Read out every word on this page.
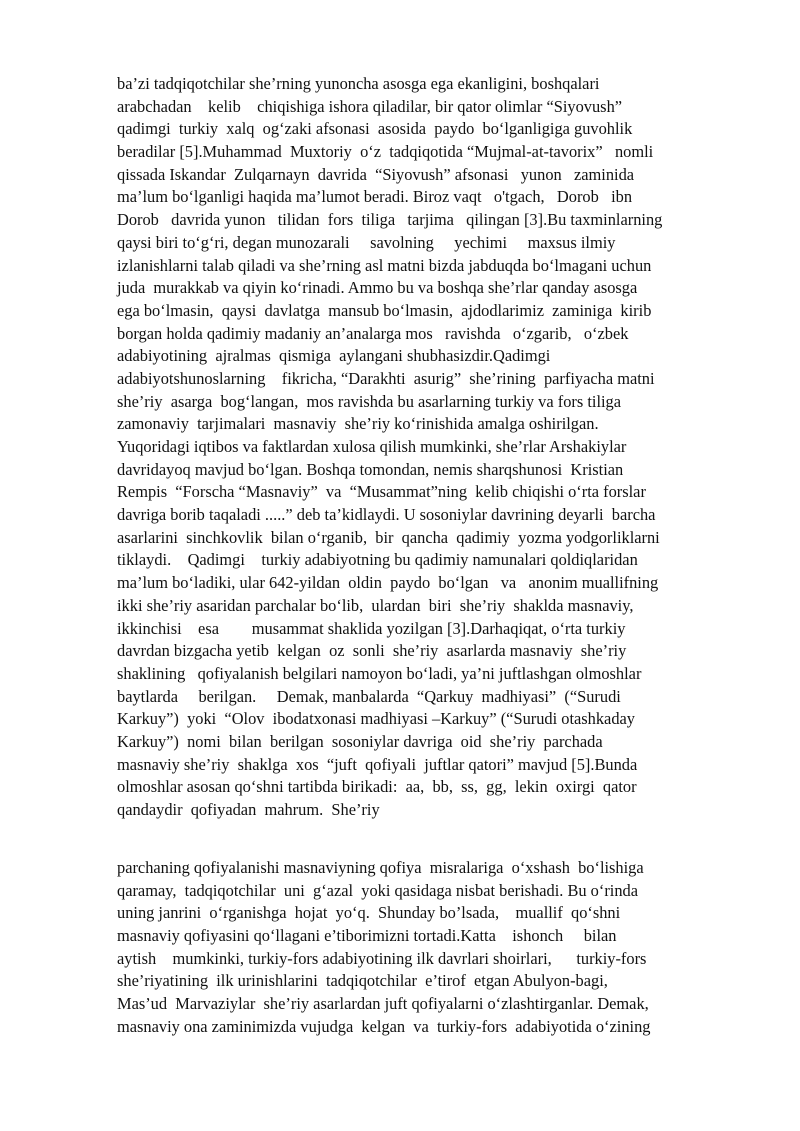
ba’zi tadqiqotchilar she’rning yunoncha asosga ega ekanligini, boshqalari
arabchadan    kelib    chiqishiga ishora qiladilar, bir qator olimlar “Siyovush”
qadimgi  turkiy  xalq  og‘zaki afsonasi  asosida  paydo  bo‘lganligiga guvohlik
beradilar [5].Muhammad  Muxtoriy  o‘z  tadqiqotida “Mujmal-at-tavorix”   nomli
qissada Iskandar  Zulqarnayn  davrida  “Siyovush” afsonasi   yunon   zaminida
ma’lum bo‘lganligi haqida ma’lumot beradi. Biroz vaqt   o'tgach,   Dorob   ibn
Dorob   davrida yunon   tilidan  fors  tiliga   tarjima   qilingan [3].Bu taxminlarning
qaysi biri to‘g‘ri, degan munozarali     savolning     yechimi     maxsus ilmiy
izlanishlarni talab qiladi va she’rning asl matni bizda jabduqda bo‘lmagani uchun
juda  murakkab va qiyin ko‘rinadi. Ammo bu va boshqa she’rlar qanday asosga
ega bo‘lmasin,  qaysi  davlatga  mansub bo‘lmasin,  ajdodlarimiz  zaminiga  kirib
borgan holda qadimiy madaniy an’analarga mos   ravishda   o‘zgarib,   o‘zbek
adabiyotining  ajralmas  qismiga  aylangani shubhasizdir.Qadimgi
adabiyotshunoslarning    fikricha, “Darakhti  asurig”  she’rining  parfiyacha matni
she’riy  asarga  bog‘langan,  mos ravishda bu asarlarning turkiy va fors tiliga
zamonaviy  tarjimalari  masnaviy  she’riy ko‘rinishida amalga oshirilgan.
Yuqoridagi iqtibos va faktlardan xulosa qilish mumkinki, she’rlar Arshakiylar
davridayoq mavjud bo‘lgan. Boshqa tomondan, nemis sharqshunosi  Kristian
Rempis  “Forscha “Masnaviy”  va  “Musammat”ning  kelib chiqishi o‘rta forslar
davriga borib taqaladi .....” deb ta’kidlaydi. U sosoniylar davrining deyarli  barcha
asarlarini  sinchkovlik  bilan o‘rganib,  bir  qancha  qadimiy  yozma yodgorliklarni
tiklaydi.    Qadimgi    turkiy adabiyotning bu qadimiy namunalari qoldiqlaridan
ma’lum bo‘ladiki, ular 642-yildan  oldin  paydo  bo‘lgan   va   anonim muallifning
ikki she’riy asaridan parchalar bo‘lib,  ulardan  biri  she’riy  shaklda masnaviy,
ikkinchisi    esa        musammat shaklida yozilgan [3].Darhaqiqat, o‘rta turkiy
davrdan bizgacha yetib  kelgan  oz  sonli  she’riy  asarlarda masnaviy  she’riy
shaklining   qofiyalanish belgilari namoyon bo‘ladi, ya’ni juftlashgan olmoshlar
baytlarda     berilgan.     Demak, manbalarda  “Qarkuy  madhiyasi”  (“Surudi
Karkuy”)  yoki  “Olov  ibodatxonasi madhiyasi –Karkuy” (“Surudi otashkaday
Karkuy”)  nomi  bilan  berilgan  sosoniylar davriga  oid  she’riy  parchada
masnaviy she’riy  shaklga  xos  “juft  qofiyali  juftlar qatori” mavjud [5].Bunda
olmoshlar asosan qo‘shni tartibda birikadi:  aa,  bb,  ss,  gg,  lekin  oxirgi  qator
qandaydir  qofiyadan  mahrum.  She’riy
parchaning qofiyalanishi masnaviyning qofiya  misralariga  o‘xshash  bo‘lishiga
qaramay,  tadqiqotchilar  uni  g‘azal  yoki qasidaga nisbat berishadi. Bu o‘rinda
uning janrini  o‘rganishga  hojat  yo‘q.  Shunday bo’lsada,    muallif  qo‘shni
masnaviy qofiyasini qo‘llagani e’tiborimizni tortadi.Katta    ishonch     bilan
aytish    mumkinki, turkiy-fors adabiyotining ilk davrlari shoirlari,      turkiy-fors
she’riyatining  ilk urinishlarini  tadqiqotchilar  e’tirof  etgan Abulyon-bagi,
Mas’ud  Marvaziylar  she’riy asarlardan juft qofiyalarni o‘zlashtirganlar. Demak,
masnaviy ona zaminimizda vujudga  kelgan  va  turkiy-fors  adabiyotida o‘zining
